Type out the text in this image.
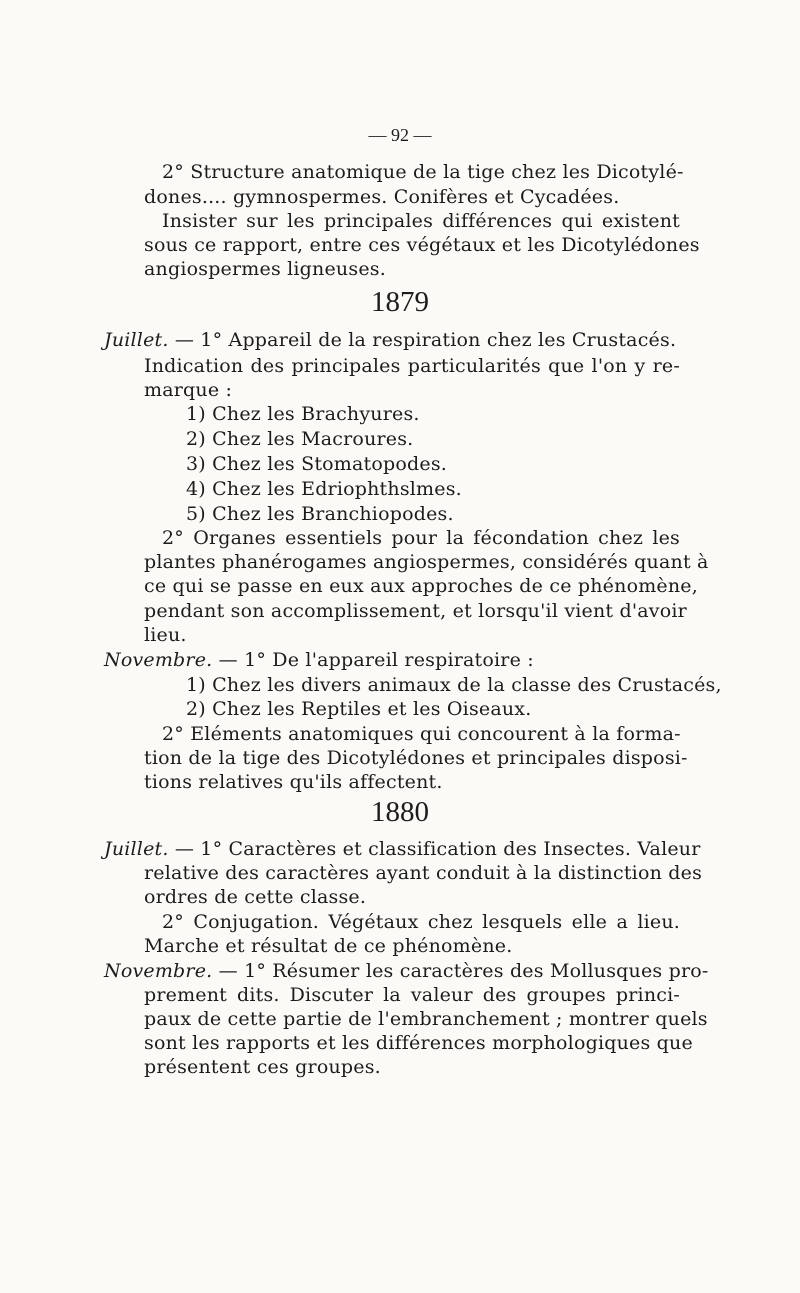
— 92 —
2° Structure anatomique de la tige chez les Dicotylé-
dones.... gymnospermes. Conifères et Cycadées.
Insister sur les principales différences qui existent
sous ce rapport, entre ces végétaux et les Dicotylédones
angiospermes ligneuses.
1879
Juillet. — 1° Appareil de la respiration chez les Crustacés.
Indication des principales particularités que l'on y re-
marque :
1) Chez les Brachyures.
2) Chez les Macroures.
3) Chez les Stomatopodes.
4) Chez les Edriophthslmes.
5) Chez les Branchiopodes.
2° Organes essentiels pour la fécondation chez les
plantes phanérogames angiospermes, considérés quant à
ce qui se passe en eux aux approches de ce phénomène,
pendant son accomplissement, et lorsqu'il vient d'avoir
lieu.
Novembre. — 1° De l'appareil respiratoire :
1) Chez les divers animaux de la classe des Crustacés,
2) Chez les Reptiles et les Oiseaux.
2° Eléments anatomiques qui concourent à la forma-
tion de la tige des Dicotylédones et principales disposi-
tions relatives qu'ils affectent.
1880
Juillet. — 1° Caractères et classification des Insectes. Valeur
relative des caractères ayant conduit à la distinction des
ordres de cette classe.
2° Conjugation. Végétaux chez lesquels elle a lieu.
Marche et résultat de ce phénomène.
Novembre. — 1° Résumer les caractères des Mollusques pro-
prement dits. Discuter la valeur des groupes princi-
paux de cette partie de l'embranchement ; montrer quels
sont les rapports et les différences morphologiques que
présentent ces groupes.
